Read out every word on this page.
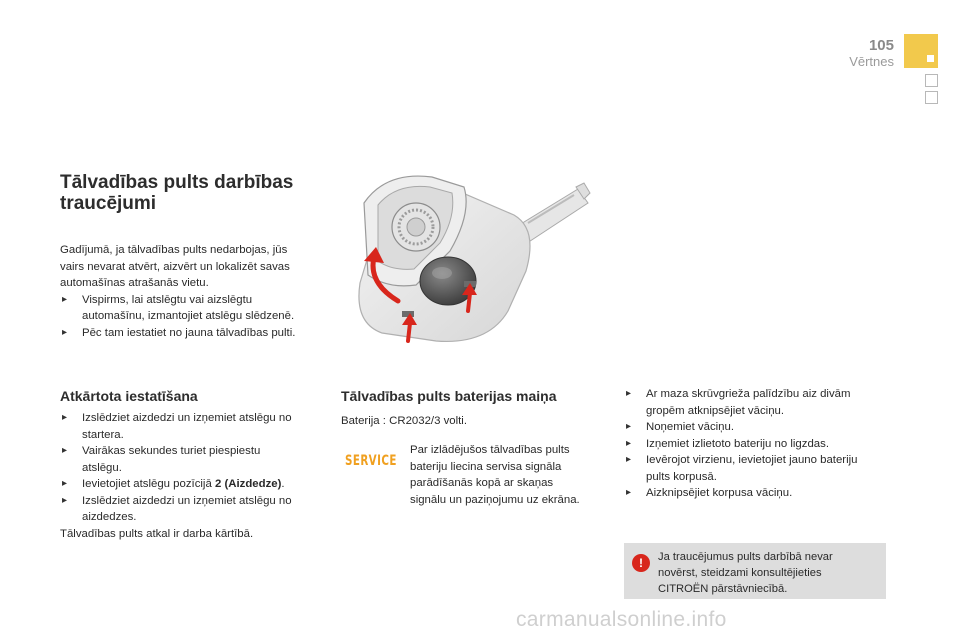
105
Vērtnes
Tālvadības pults darbības
traucējumi
Gadījumā, ja tālvadības pults nedarbojas, jūs
vairs nevarat atvērt, aizvērt un lokalizēt savas
automašīnas atrašanās vietu.
▸ Vispirms, lai atslēgtu vai aizslēgtu
automašīnu, izmantojiet atslēgu slēdzenē.
▸ Pēc tam iestatiet no jauna tālvadības pulti.
Atkārtota iestatīšana
▸ Izslēdziet aizdedzi un izņemiet atslēgu no
startera.
▸ Vairākas sekundes turiet piespiestu
atslēgu.
▸ Ievietojiet atslēgu pozīcijā 2 (Aizdedze).
▸ Izslēdziet aizdedzi un izņemiet atslēgu no
aizdedzes.
Tālvadības pults atkal ir darba kārtībā.
Tālvadības pults baterijas maiņa
Baterija : CR2032/3 volti.
SERVICE
Par izlādējušos tālvadības pults
bateriju liecina servisa signāla
parādīšanās kopā ar skaņas
signālu un paziņojumu uz ekrāna.
▸ Ar maza skrūvgrieža palīdzību aiz divām
gropēm atknipsējiet vāciņu.
▸ Noņemiet vāciņu.
▸ Izņemiet izlietoto bateriju no ligzdas.
▸ Ievērojot virzienu, ievietojiet jauno bateriju
pults korpusā.
▸ Aizknipsējiet korpusa vāciņu.
!	Ja traucējumus pults darbībā nevar
novērst, steidzami konsultējieties
CITROËN pārstāvniecībā.
carmanualsonline.info
